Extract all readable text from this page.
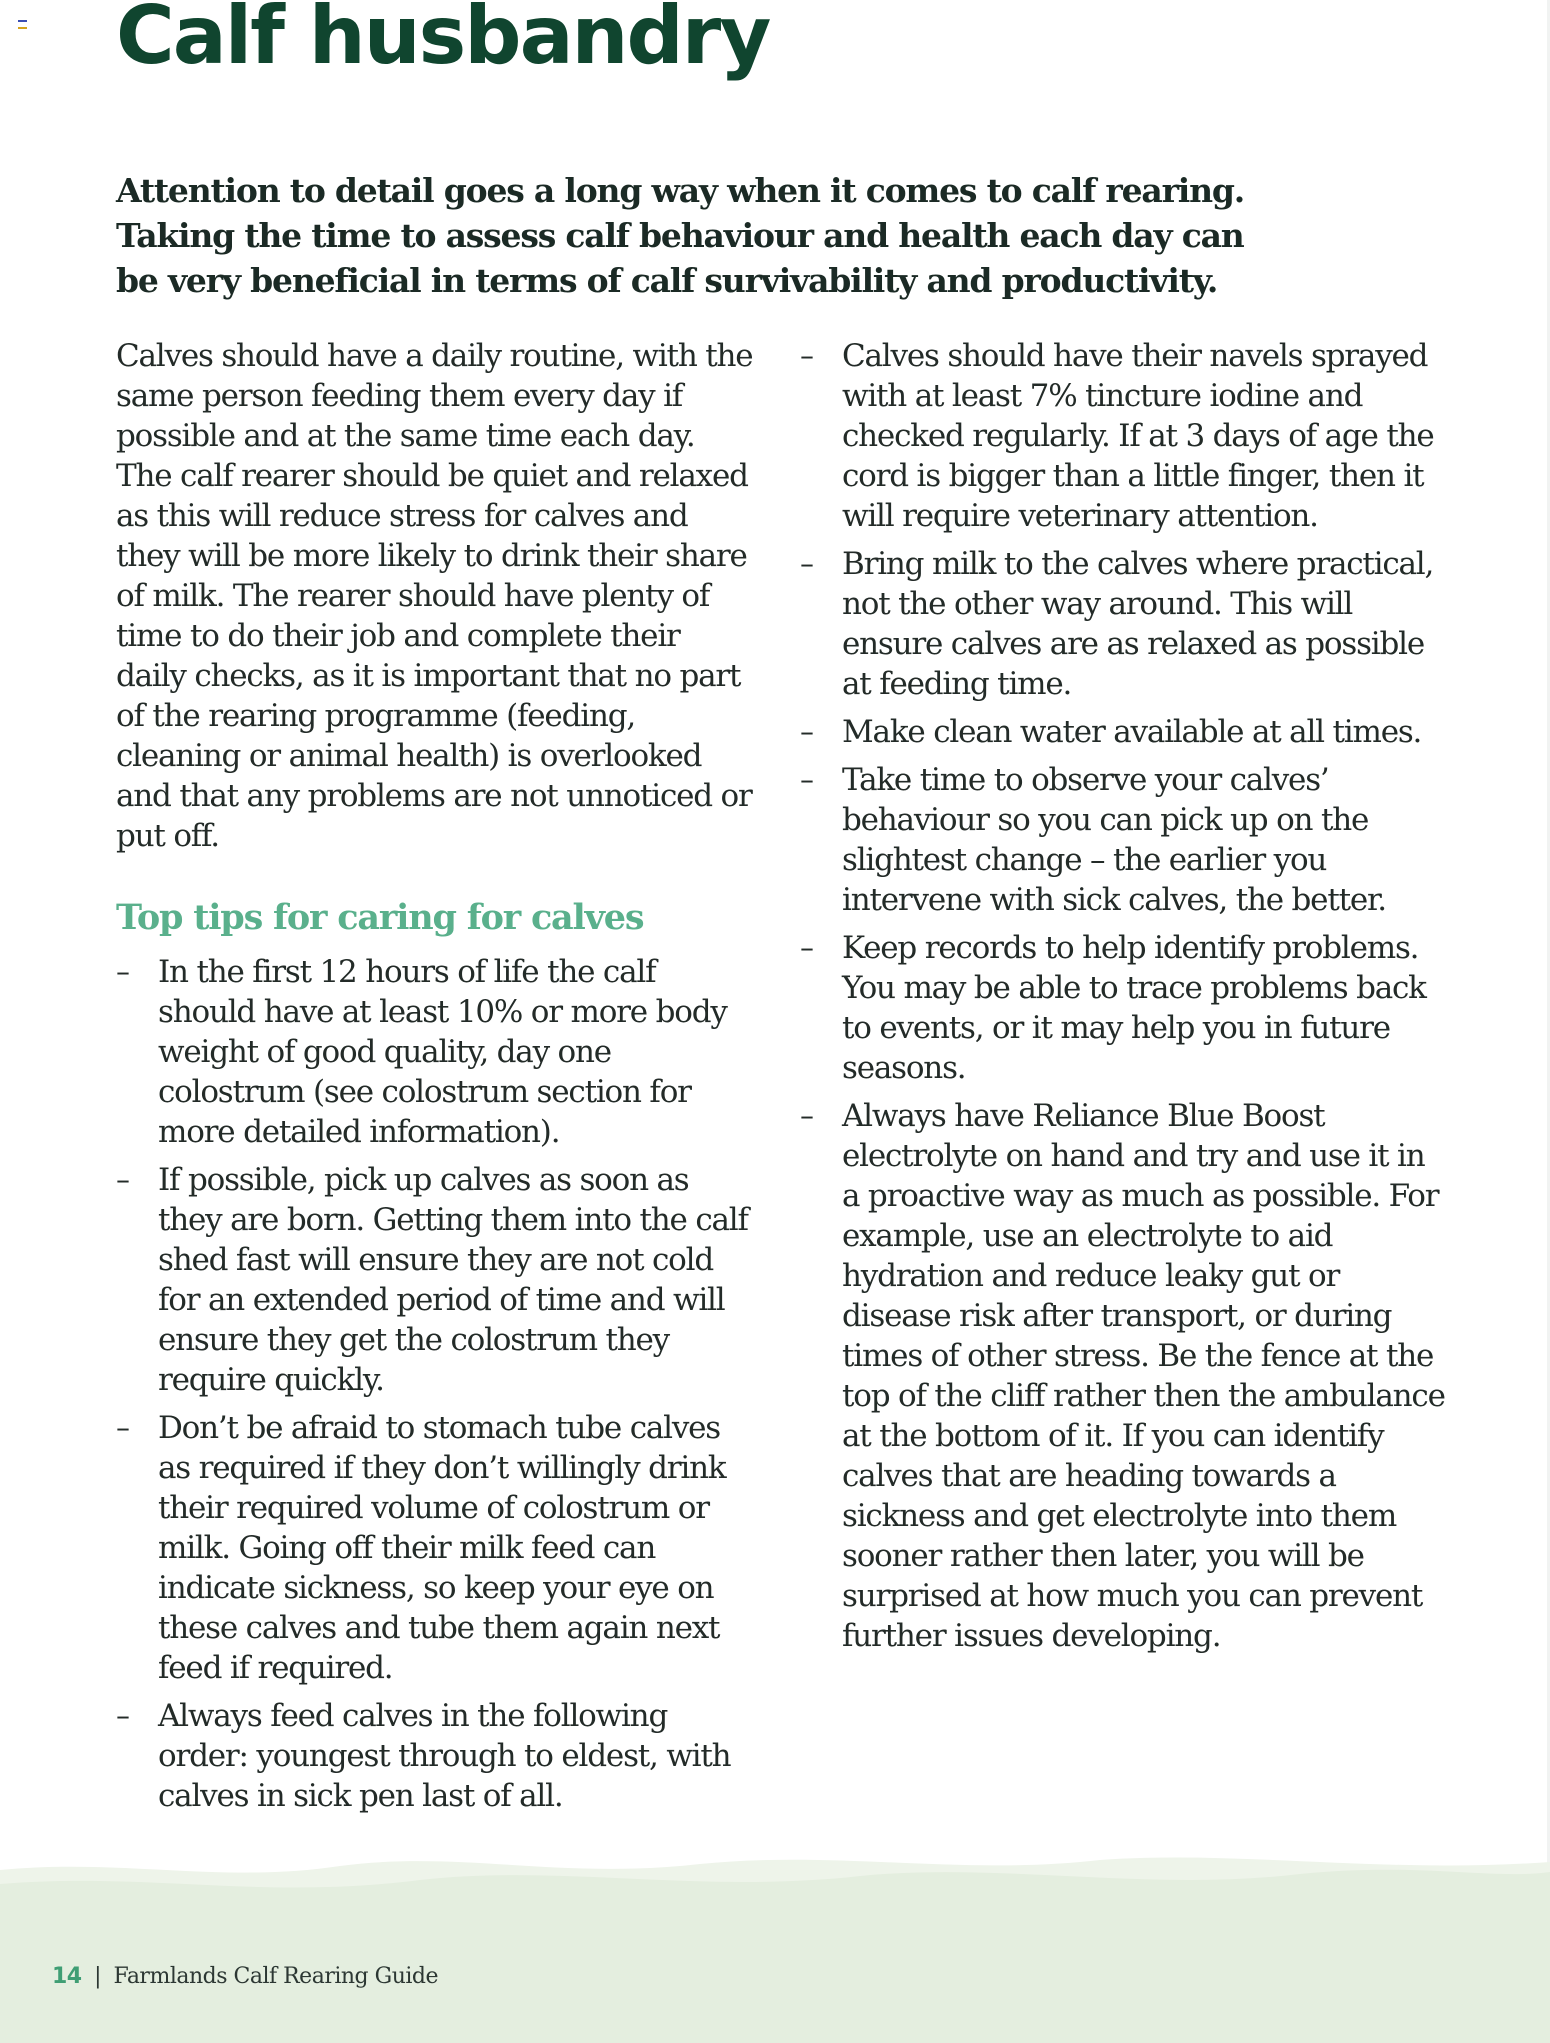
Calf husbandry

Attention to detail goes a long way when it comes to calf rearing. Taking the time to assess calf behaviour and health each day can be very beneficial in terms of calf survivability and productivity.

Calves should have a daily routine, with the same person feeding them every day if possible and at the same time each day. The calf rearer should be quiet and relaxed as this will reduce stress for calves and they will be more likely to drink their share of milk. The rearer should have plenty of time to do their job and complete their daily checks, as it is important that no part of the rearing programme (feeding, cleaning or animal health) is overlooked and that any problems are not unnoticed or put off.

Top tips for caring for calves
– In the first 12 hours of life the calf should have at least 10% or more body weight of good quality, day one colostrum (see colostrum section for more detailed information).
– If possible, pick up calves as soon as they are born. Getting them into the calf shed fast will ensure they are not cold for an extended period of time and will ensure they get the colostrum they require quickly.
– Don’t be afraid to stomach tube calves as required if they don’t willingly drink their required volume of colostrum or milk. Going off their milk feed can indicate sickness, so keep your eye on these calves and tube them again next feed if required.
– Always feed calves in the following order: youngest through to eldest, with calves in sick pen last of all.
– Calves should have their navels sprayed with at least 7% tincture iodine and checked regularly. If at 3 days of age the cord is bigger than a little finger, then it will require veterinary attention.
– Bring milk to the calves where practical, not the other way around. This will ensure calves are as relaxed as possible at feeding time.
– Make clean water available at all times.
– Take time to observe your calves’ behaviour so you can pick up on the slightest change – the earlier you intervene with sick calves, the better.
– Keep records to help identify problems. You may be able to trace problems back to events, or it may help you in future seasons.
– Always have Reliance Blue Boost electrolyte on hand and try and use it in a proactive way as much as possible. For example, use an electrolyte to aid hydration and reduce leaky gut or disease risk after transport, or during times of other stress. Be the fence at the top of the cliff rather then the ambulance at the bottom of it. If you can identify calves that are heading towards a sickness and get electrolyte into them sooner rather then later, you will be surprised at how much you can prevent further issues developing.
14 | Farmlands Calf Rearing Guide
